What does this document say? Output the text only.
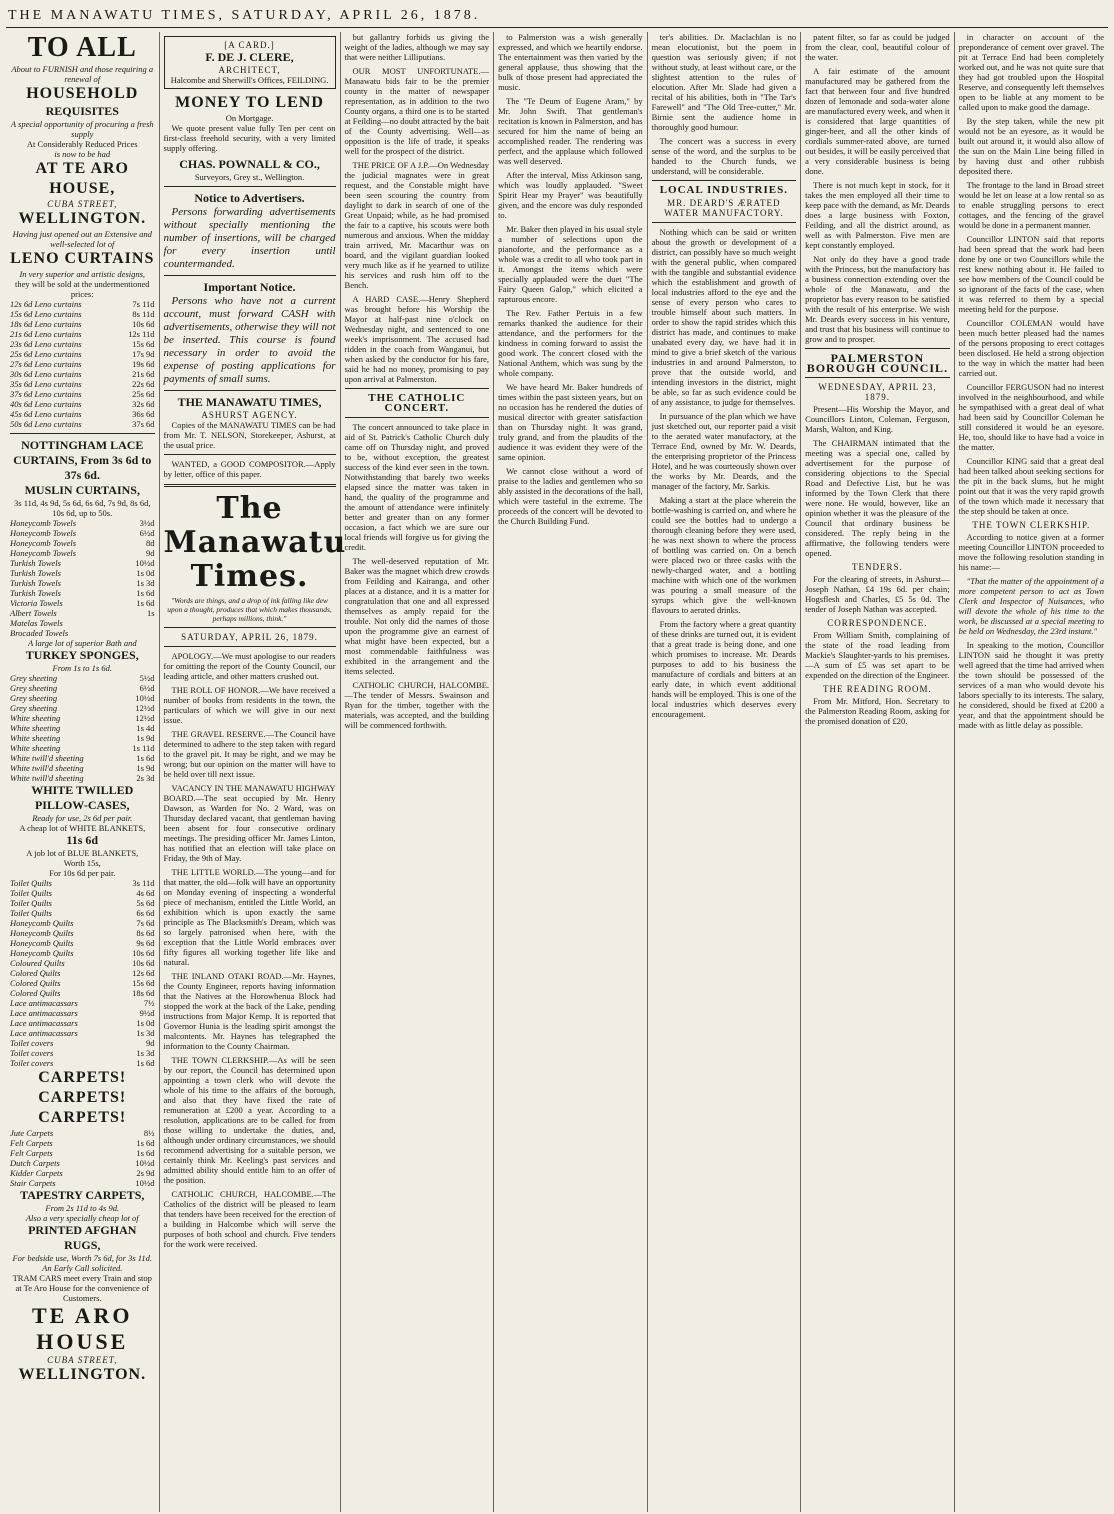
THE MANAWATU TIMES, SATURDAY, APRIL 26, 1878.
TO ALL
About to FURNISH and those requiring a renewal of
HOUSEHOLD
REQUISITES
A special opportunity of procuring a fresh supply
At Considerably Reduced Prices
is now to be had
AT TE ARO HOUSE,
CUBA STREET,
WELLINGTON.
Having just opened out an Extensive and well-selected lot of
LENO CURTAINS
In very superior and artistic designs,
they will be sold at the undermentioned prices:
12s 6d Leno curtains	7s 11d
15s 6d Leno curtains	8s 11d
18s 6d Leno curtains	10s 6d
21s 6d Leno curtains	12s 11d
23s 6d Leno curtains	15s 6d
25s 6d Leno curtains	17s 9d
27s 6d Leno curtains	19s 6d
30s 6d Leno curtains	21s 6d
35s 6d Leno curtains	22s 6d
37s 6d Leno curtains	25s 6d
40s 6d Leno curtains	32s 6d
45s 6d Leno curtains	36s 6d
50s 6d Leno curtains	37s 6d
NOTTINGHAM LACE CURTAINS, From 3s 6d to 37s 6d.
MUSLIN CURTAINS,
3s 11d, 4s 9d, 5s 6d, 6s 6d, 7s 9d, 8s 6d, 10s 6d, up to 50s.
Honeycomb Towels	3½d
Honeycomb Towels	6½d
Honeycomb Towels	8d
Honeycomb Towels	9d
Turkish Towels	10½d
Turkish Towels	1s 0d
Turkish Towels	1s 3d
Turkish Towels	1s 6d
Victoria Towels	1s 6d
Albert Towels	1s
Matelas Towels
Brocaded Towels
A large lot of superior Bath and
TURKEY SPONGES,
From 1s to 1s 6d.
Grey sheeting	5½d
Grey sheeting	6½d
Grey sheeting	10½d
Grey sheeting	12½d
White sheeting	12½d
White sheeting	1s 4d
White sheeting	1s 9d
White sheeting	1s 11d
White twill'd sheeting	1s 6d
White twill'd sheeting	1s 9d
White twill'd sheeting	2s 3d
WHITE TWILLED PILLOW-CASES,
Ready for use, 2s 6d per pair.
A cheap lot of WHITE BLANKETS,
11s 6d
A job lot of BLUE BLANKETS,
Worth 15s,
For 10s 6d per pair.
Toilet Quilts	3s 11d
Toilet Quilts	4s 6d
Toilet Quilts	5s 6d
Toilet Quilts	6s 6d
Honeycomb Quilts	7s 6d
Honeycomb Quilts	8s 6d
Honeycomb Quilts	9s 6d
Honeycomb Quilts	10s 6d
Coloured Quilts	10s 6d
Colored Quilts	12s 6d
Colored Quilts	15s 6d
Colored Quilts	18s 6d
Lace antimacassars	7½
Lace antimacassars	9½d
Lace antimacassars	1s 0d
Lace antimacassars	1s 3d
Toilet covers	9d
Toilet covers	1s 3d
Toilet covers	1s 6d
CARPETS! CARPETS! CARPETS!
Jute Carpets	8½
Felt Carpets	1s 6d
Felt Carpets	1s 6d
Dutch Carpets	10½d
Kidder Carpets	2s 9d
Stair Carpets	10½d
TAPESTRY CARPETS,
From 2s 11d to 4s 9d.
Also a very specially cheap lot of
PRINTED AFGHAN RUGS,
For bedside use, Worth 7s 6d, for 3s 11d.
An Early Call solicited.
TRAM CARS meet every Train and stop at Te Aro House for the convenience of Customers.
TE ARO HOUSE
CUBA STREET,
WELLINGTON.
[A CARD.]
F. DE J. CLERE,
ARCHITECT,
Halcombe and Sherwill's Offices, FEILDING.
MONEY TO LEND
On Mortgage.
We quote present value fully Ten per cent on first-class freehold security, with a very limited supply offering.
CHAS. POWNALL & CO.,
Surveyors, Grey st., Wellington.
Notice to Advertisers.
Persons forwarding advertisements without specially mentioning the number of insertions, will be charged for every insertion until countermanded.
Important Notice.
Persons who have not a current account, must forward CASH with advertisements, otherwise they will not be inserted. This course is found necessary in order to avoid the expense of posting applications for payments of small sums.
THE MANAWATU TIMES,
ASHURST AGENCY.
Copies of the MANAWATU TIMES can be had from Mr. T. NELSON, Storekeeper, Ashurst, at the usual price.
WANTED, a GOOD COMPOSITOR.—Apply by letter, office of this paper.
The Manawatu Times.
"Words are things, and a drop of ink falling like dew upon a thought, produces that which makes thousands, perhaps millions, think."
SATURDAY, APRIL 26, 1879.
APOLOGY.—We must apologise to our readers for omitting the report of the County Council, our leading article, and other matters crushed out.
THE ROLL OF HONOR.—We have received a number of books from residents in the town, the particulars of which we will give in our next issue.
THE GRAVEL RESERVE.—The Council have determined to adhere to the step taken with regard to the gravel pit. It may be right, and we may be wrong; but our opinion on the matter will have to be held over till next issue.
VACANCY IN THE MANAWATU HIGHWAY BOARD.—The seat occupied by Mr. Henry Dawson, as Warden for No. 2 Ward, was on Thursday declared vacant, that gentleman having been absent for four consecutive ordinary meetings. The presiding officer Mr. James Linton, has notified that an election will take place on Friday, the 9th of May.
THE LITTLE WORLD.—The young—and for that matter, the old—folk will have an opportunity on Monday evening of inspecting a wonderful piece of mechanism, entitled the Little World, an exhibition which is upon exactly the same principle as The Blacksmith's Dream, which was so largely patronised when here, with the exception that the Little World embraces over fifty figures all working together life like and natural.
THE INLAND OTAKI ROAD.—Mr. Haynes, the County Engineer, reports having information that the Natives at the Horowhenua Block had stopped the work at the back of the Lake, pending instructions from Major Kemp. It is reported that Governor Hunia is the leading spirit amongst the malcontents. Mr. Haynes has telegraphed the information to the County Chairman.
THE TOWN CLERKSHIP.—As will be seen by our report, the Council has determined upon appointing a town clerk who will devote the whole of his time to the affairs of the borough, and also that they have fixed the rate of remuneration at £200 a year. According to a resolution, applications are to be called for from those willing to undertake the duties, and, although under ordinary circumstances, we should recommend advertising for a suitable person, we certainly think Mr. Keeling's past services and admitted ability should entitle him to an offer of the position.
CATHOLIC CHURCH, HALCOMBE.—The Catholics of the district will be pleased to learn that tenders have been received for the erection of a building in Halcombe which will serve the purposes of both school and church. Five tenders for the work were received.
but gallantry forbids us giving the weight of the ladies, although we may say that were neither Lilliputians.
OUR MOST UNFORTUNATE.—Manawatu bids fair to be the premier county in the matter of newspaper representation, as in addition to the two County organs, a third one is to be started at Feilding—no doubt attracted by the bait of the County advertising. Well—as opposition is the life of trade, it speaks well for the prospect of the district.
THE PRICE OF A J.P.—On Wednesday the judicial magnates were in great request, and the Constable might have been seen scouring the country from daylight to dark in search of one of the Great Unpaid; while, as he had promised the fair to a captive, his scouts were both numerous and anxious. When the midday train arrived, Mr. Macarthur was on board, and the vigilant guardian looked very much like as if he yearned to utilize his services and rush him off to the Bench.
A HARD CASE.—Henry Shepherd was brought before his Worship the Mayor at half-past nine o'clock on Wednesday night, and sentenced to one week's imprisonment. The accused had ridden in the coach from Wanganui, but when asked by the conductor for his fare, said he had no money, promising to pay upon arrival at Palmerston.
THE CATHOLIC CONCERT.
The concert announced to take place in aid of St. Patrick's Catholic Church duly came off on Thursday night, and proved to be, without exception, the greatest success of the kind ever seen in the town. Notwithstanding that barely two weeks elapsed since the matter was taken in hand, the quality of the programme and the amount of attendance were infinitely better and greater than on any former occasion, a fact which we are sure our local friends will forgive us for giving the credit.
The well-deserved reputation of Mr. Baker was the magnet which drew crowds from Feilding and Kairanga, and other places at a distance, and it is a matter for congratulation that one and all expressed themselves as amply repaid for the trouble. Not only did the names of those upon the programme give an earnest of what might have been expected, but a most commendable faithfulness was exhibited in the arrangement and the items selected.
CATHOLIC CHURCH, HALCOMBE.—The tender of Messrs. Swainson and Ryan for the timber, together with the materials, was accepted, and the building will be commenced forthwith.
to Palmerston was a wish generally expressed, and which we heartily endorse. The entertainment was then varied by the general applause, thus showing that the bulk of those present had appreciated the music.
The "Te Deum of Eugene Aram," by Mr. John Swift. That gentleman's recitation is known in Palmerston, and has secured for him the name of being an accomplished reader. The rendering was perfect, and the applause which followed was well deserved.
After the interval, Miss Atkinson sang, which was loudly applauded. "Sweet Spirit Hear my Prayer" was beautifully given, and the encore was duly responded to.
Mr. Baker then played in his usual style a number of selections upon the pianoforte, and the performance as a whole was a credit to all who took part in it. Amongst the items which were specially applauded were the duet "The Fairy Queen Galop," which elicited a rapturous encore.
The Rev. Father Pertuis in a few remarks thanked the audience for their attendance, and the performers for the kindness in coming forward to assist the good work. The concert closed with the National Anthem, which was sung by the whole company.
We have heard Mr. Baker hundreds of times within the past sixteen years, but on no occasion has he rendered the duties of musical director with greater satisfaction than on Thursday night. It was grand, truly grand, and from the plaudits of the audience it was evident they were of the same opinion.
We cannot close without a word of praise to the ladies and gentlemen who so ably assisted in the decorations of the hall, which were tasteful in the extreme. The proceeds of the concert will be devoted to the Church Building Fund.
ter's abilities. Dr. Maclachlan is no mean elocutionist, but the poem in question was seriously given; if not without study, at least without care, or the slightest attention to the rules of elocution. After Mr. Slade had given a recital of his abilities, both in "The Tar's Farewell" and "The Old Tree-cutter," Mr. Birnie sent the audience home in thoroughly good humour.
The concert was a success in every sense of the word, and the surplus to be handed to the Church funds, we understand, will be considerable.
LOCAL INDUSTRIES.
MR. DEARD'S ÆRATED WATER MANUFACTORY.
Nothing which can be said or written about the growth or development of a district, can possibly have so much weight with the general public, when compared with the tangible and substantial evidence which the establishment and growth of local industries afford to the eye and the sense of every person who cares to trouble himself about such matters. In order to show the rapid strides which this district has made, and continues to make unabated every day, we have had it in mind to give a brief sketch of the various industries in and around Palmerston, to prove that the outside world, and intending investors in the district, might be able, so far as such evidence could be of any assistance, to judge for themselves.
In pursuance of the plan which we have just sketched out, our reporter paid a visit to the aerated water manufactory, at the Terrace End, owned by Mr. W. Deards, the enterprising proprietor of the Princess Hotel, and he was courteously shown over the works by Mr. Deards, and the manager of the factory, Mr. Sarkis.
Making a start at the place wherein the bottle-washing is carried on, and where he could see the bottles had to undergo a thorough cleaning before they were used, he was next shown to where the process of bottling was carried on. On a bench were placed two or three casks with the newly-charged water, and a bottling machine with which one of the workmen was pouring a small measure of the syrups which give the well-known flavours to aerated drinks.
From the factory where a great quantity of these drinks are turned out, it is evident that a great trade is being done, and one which promises to increase. Mr. Deards purposes to add to his business the manufacture of cordials and bitters at an early date, in which event additional hands will be employed. This is one of the local industries which deserves every encouragement.
patent filter, so far as could be judged from the clear, cool, beautiful colour of the water.
A fair estimate of the amount manufactured may be gathered from the fact that between four and five hundred dozen of lemonade and soda-water alone are manufactured every week, and when it is considered that large quantities of ginger-beer, and all the other kinds of cordials summer-rated above, are turned out besides, it will be easily perceived that a very considerable business is being done.
There is not much kept in stock, for it takes the men employed all their time to keep pace with the demand, as Mr. Deards does a large business with Foxton, Feilding, and all the district around, as well as with Palmerston. Five men are kept constantly employed.
Not only do they have a good trade with the Princess, but the manufactory has a business connection extending over the whole of the Manawatu, and the proprietor has every reason to be satisfied with the result of his enterprise. We wish Mr. Deards every success in his venture, and trust that his business will continue to grow and to prosper.
PALMERSTON BOROUGH COUNCIL.
WEDNESDAY, APRIL 23, 1879.
Present—His Worship the Mayor, and Councillors Linton, Coleman, Ferguson, Marsh, Walton, and King.
The CHAIRMAN intimated that the meeting was a special one, called by advertisement for the purpose of considering objections to the Special Road and Defective List, but he was informed by the Town Clerk that there were none. He would, however, like an opinion whether it was the pleasure of the Council that ordinary business be considered. The reply being in the affirmative, the following tenders were opened.
TENDERS.
For the clearing of streets, in Ashurst—Joseph Nathan, £4 19s 6d. per chain; Hogsflesh and Charles, £5 5s 0d. The tender of Joseph Nathan was accepted.
CORRESPONDENCE.
From William Smith, complaining of the state of the road leading from Mackie's Slaughter-yards to his premises.—A sum of £5 was set apart to be expended on the direction of the Engineer.
THE READING ROOM.
From Mr. Mitford, Hon. Secretary to the Palmerston Reading Room, asking for the promised donation of £20.
in character on account of the preponderance of cement over gravel. The pit at Terrace End had been completely worked out, and he was not quite sure that they had got troubled upon the Hospital Reserve, and consequently left themselves open to be liable at any moment to be called upon to make good the damage.
By the step taken, while the new pit would not be an eyesore, as it would be built out around it, it would also allow of the sun on the Main Line being filled in by having dust and other rubbish deposited there.
The frontage to the land in Broad street would be let on lease at a low rental so as to enable struggling persons to erect cottages, and the fencing of the gravel would be done in a permanent manner.
Councillor LINTON said that reports had been spread that the work had been done by one or two Councillors while the rest knew nothing about it. He failed to see how members of the Council could be so ignorant of the facts of the case, when it was referred to them by a special meeting held for the purpose.
Councillor COLEMAN would have been much better pleased had the names of the persons proposing to erect cottages been disclosed. He held a strong objection to the way in which the matter had been carried out.
Councillor FERGUSON had no interest involved in the neighbourhood, and while he sympathised with a great deal of what had been said by Councillor Coleman he still considered it would be an eyesore. He, too, should like to have had a voice in the matter.
Councillor KING said that a great deal had been talked about seeking sections for the pit in the back slums, but he might point out that it was the very rapid growth of the town which made it necessary that the step should be taken at once.
THE TOWN CLERKSHIP.
According to notice given at a former meeting Councillor LINTON proceeded to move the following resolution standing in his name:—
"That the matter of the appointment of a more competent person to act as Town Clerk and Inspector of Nuisances, who will devote the whole of his time to the work, be discussed at a special meeting to be held on Wednesday, the 23rd instant."
In speaking to the motion, Councillor LINTON said he thought it was pretty well agreed that the time had arrived when the town should be possessed of the services of a man who would devote his labors specially to its interests. The salary, he considered, should be fixed at £200 a year, and that the appointment should be made with as little delay as possible.
